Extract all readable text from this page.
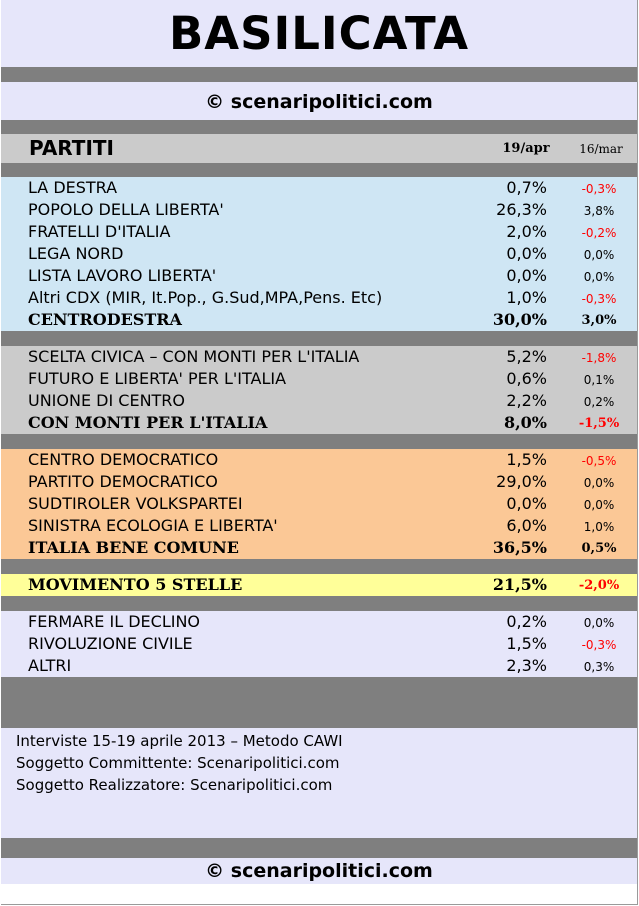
BASILICATA
© scenaripolitici.com
PARTITI	19/apr	16/mar
LA DESTRA	0,7%	-0,3%
POPOLO DELLA LIBERTA'	26,3%	3,8%
FRATELLI D'ITALIA	2,0%	-0,2%
LEGA NORD	0,0%	0,0%
LISTA LAVORO LIBERTA'	0,0%	0,0%
Altri CDX (MIR, It.Pop., G.Sud,MPA,Pens. Etc)	1,0%	-0,3%
CENTRODESTRA	30,0%	3,0%
SCELTA CIVICA – CON MONTI PER L'ITALIA	5,2%	-1,8%
FUTURO E LIBERTA' PER L'ITALIA	0,6%	0,1%
UNIONE DI CENTRO	2,2%	0,2%
CON MONTI PER L'ITALIA	8,0%	-1,5%
CENTRO DEMOCRATICO	1,5%	-0,5%
PARTITO DEMOCRATICO	29,0%	0,0%
SUDTIROLER VOLKSPARTEI	0,0%	0,0%
SINISTRA ECOLOGIA E LIBERTA'	6,0%	1,0%
ITALIA BENE COMUNE	36,5%	0,5%
MOVIMENTO 5 STELLE	21,5%	-2,0%
FERMARE IL DECLINO	0,2%	0,0%
RIVOLUZIONE CIVILE	1,5%	-0,3%
ALTRI	2,3%	0,3%
Interviste 15-19 aprile 2013 – Metodo CAWI
Soggetto Committente: Scenaripolitici.com
Soggetto Realizzatore: Scenaripolitici.com
© scenaripolitici.com
